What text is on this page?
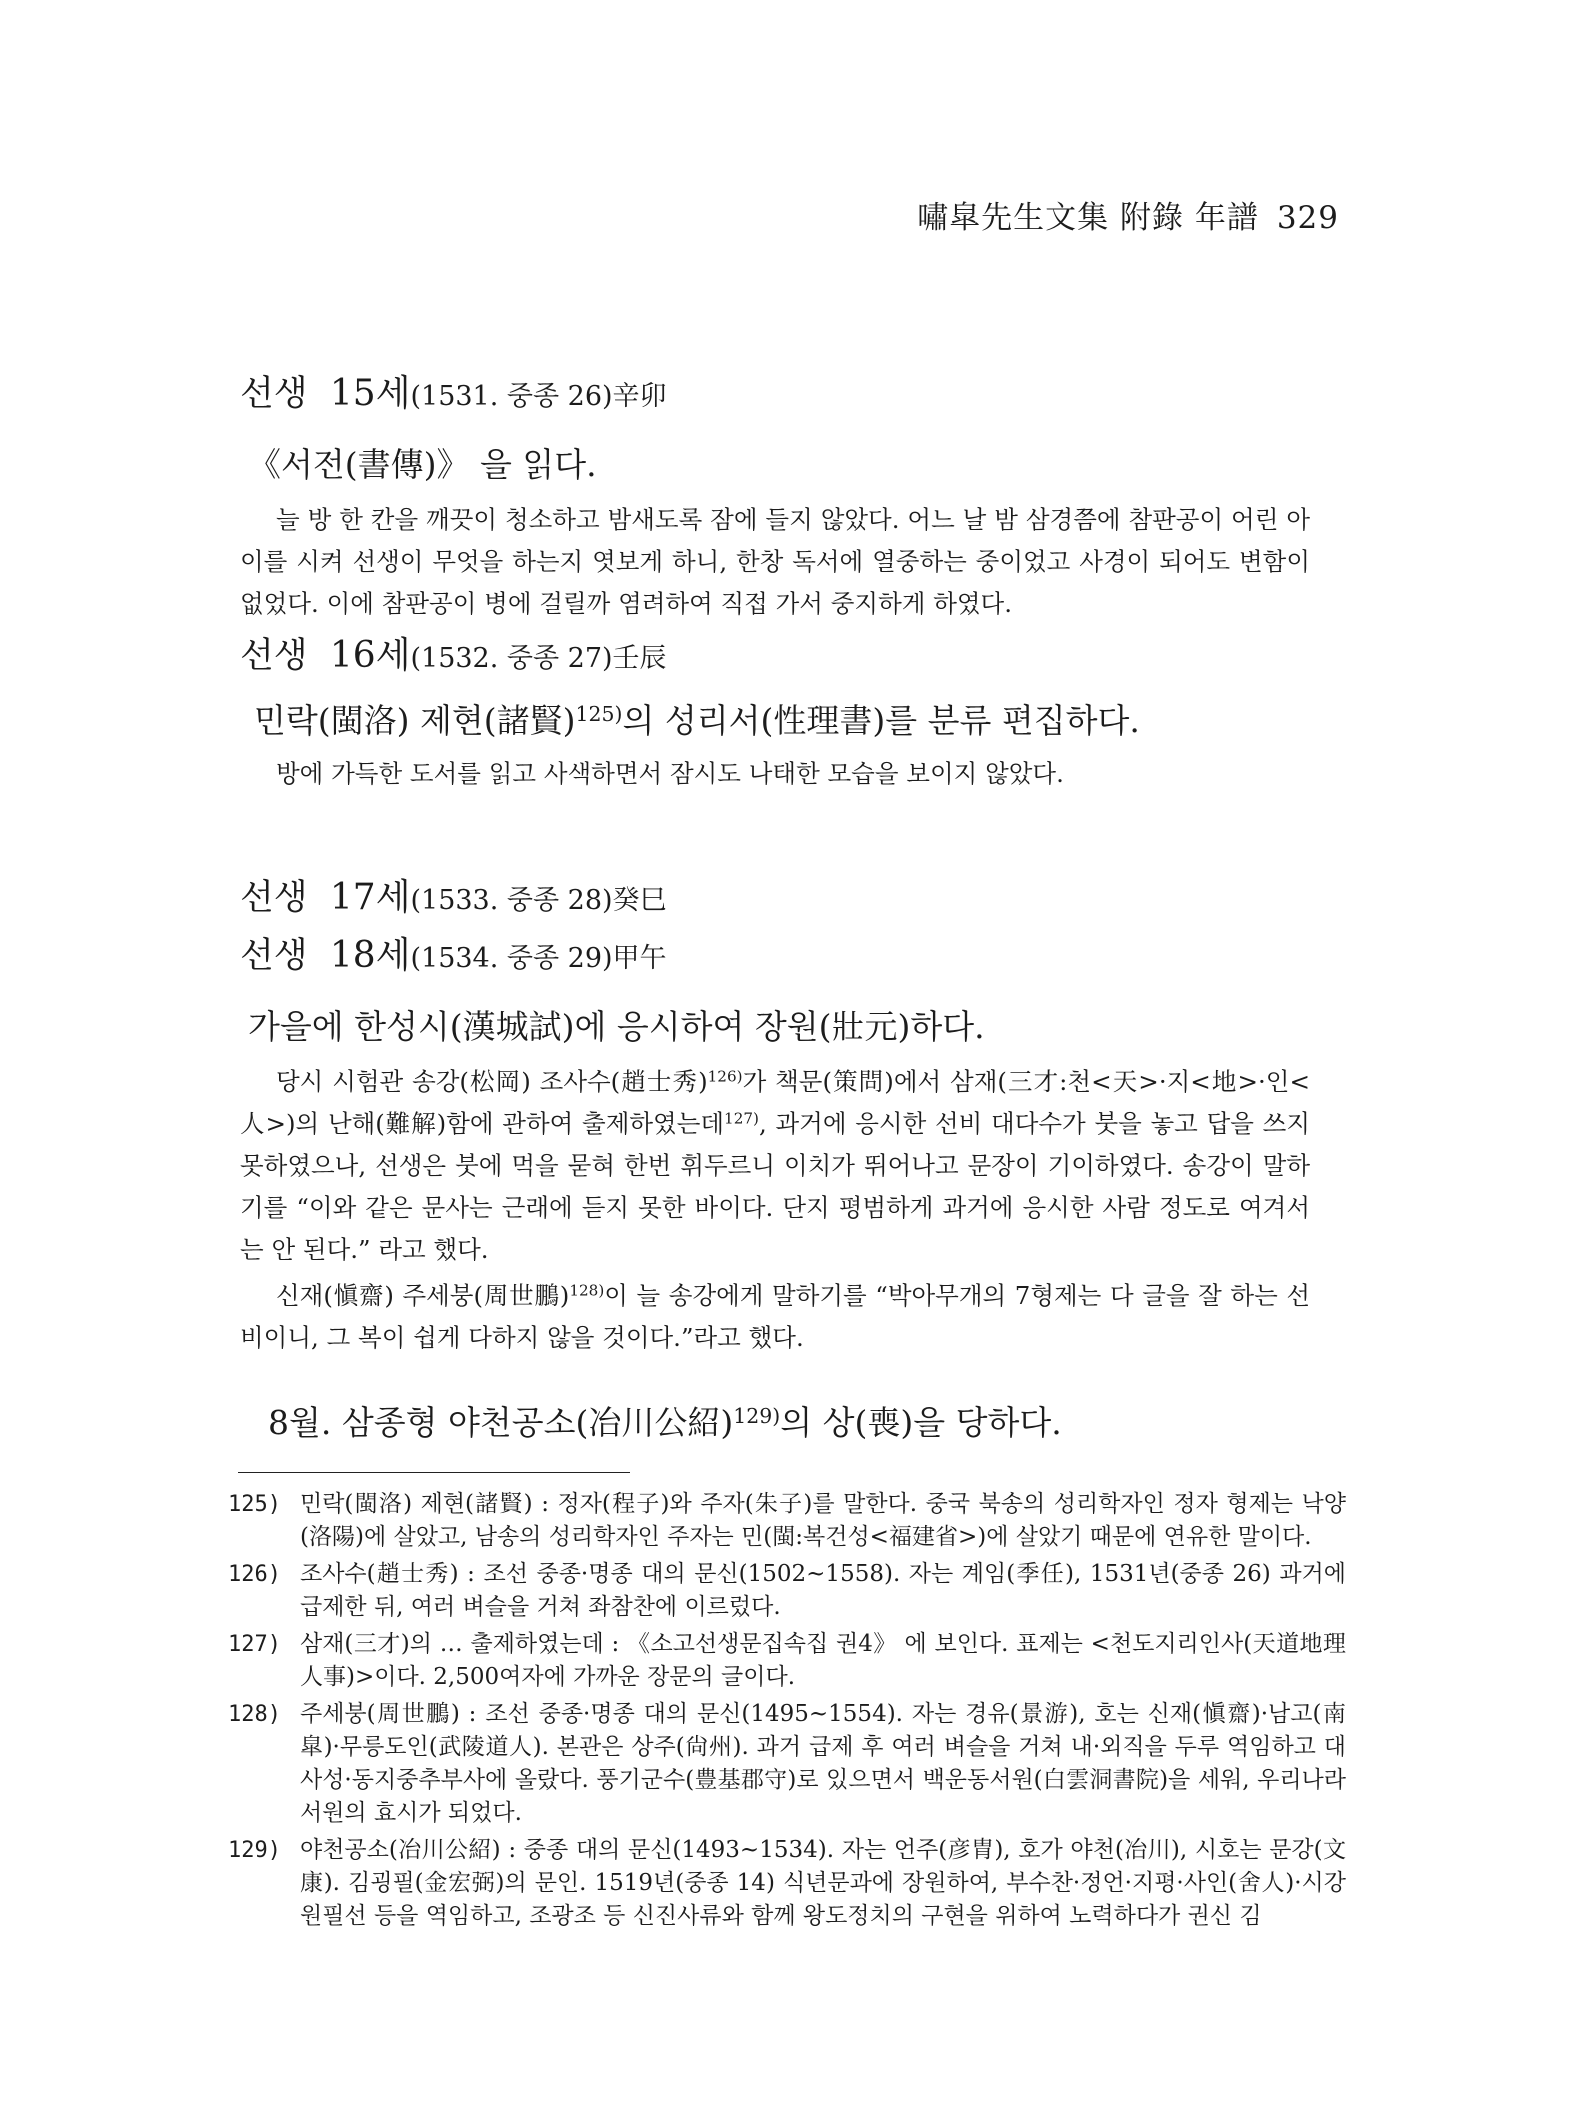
嘯皐先生文集 附錄 年譜 329
선생 15세(1531. 중종 26)辛卯
《서전(書傳)》 을 읽다.

늘 방 한 칸을 깨끗이 청소하고 밤새도록 잠에 들지 않았다. 어느 날 밤 삼경쯤에 참판공이 어린 아이를 시켜 선생이 무엇을 하는지 엿보게 하니, 한창 독서에 열중하는 중이었고 사경이 되어도 변함이 없었다. 이에 참판공이 병에 걸릴까 염려하여 직접 가서 중지하게 하였다.

선생 16세(1532. 중종 27)壬辰
민락(閩洛) 제현(諸賢)$^{125)}$의 성리서(性理書)를 분류 편집하다.

방에 가득한 도서를 읽고 사색하면서 잠시도 나태한 모습을 보이지 않았다.

선생 17세(1533. 중종 28)癸巳
선생 18세(1534. 중종 29)甲午
가을에 한성시(漢城試)에 응시하여 장원(壯元)하다.

당시 시험관 송강(松岡) 조사수(趙士秀)$^{126)}$가 책문(策問)에서 삼재(三才:천<天>·지<地>·인<人>)의 난해(難解)함에 관하여 출제하였는데$^{127)}$, 과거에 응시한 선비 대다수가 붓을 놓고 답을 쓰지 못하였으나, 선생은 붓에 먹을 묻혀 한번 휘두르니 이치가 뛰어나고 문장이 기이하였다. 송강이 말하기를 “이와 같은 문사는 근래에 듣지 못한 바이다. 단지 평범하게 과거에 응시한 사람 정도로 여겨서는 안 된다.” 라고 했다.

신재(愼齋) 주세붕(周世鵬)$^{128)}$이 늘 송강에게 말하기를 “박아무개의 7형제는 다 글을 잘 하는 선비이니, 그 복이 쉽게 다하지 않을 것이다.”라고 했다.

8월. 삼종형 야천공소(冶川公紹)$^{129)}$의 상(喪)을 당하다.
125) 민락(閩洛) 제현(諸賢) : 정자(程子)와 주자(朱子)를 말한다. 중국 북송의 성리학자인 정자 형제는 낙양(洛陽)에 살았고, 남송의 성리학자인 주자는 민(閩:복건성<福建省>)에 살았기 때문에 연유한 말이다.
126) 조사수(趙士秀) : 조선 중종·명종 대의 문신(1502~1558). 자는 계임(季任), 1531년(중종 26) 과거에 급제한 뒤, 여러 벼슬을 거쳐 좌참찬에 이르렀다.
127) 삼재(三才)의 … 출제하였는데 : 《소고선생문집속집 권4》 에 보인다. 표제는 <천도지리인사(天道地理人事)>이다. 2,500여자에 가까운 장문의 글이다.
128) 주세붕(周世鵬) : 조선 중종·명종 대의 문신(1495~1554). 자는 경유(景游), 호는 신재(愼齋)·남고(南皐)·무릉도인(武陵道人). 본관은 상주(尙州). 과거 급제 후 여러 벼슬을 거쳐 내·외직을 두루 역임하고 대사성·동지중추부사에 올랐다. 풍기군수(豊基郡守)로 있으면서 백운동서원(白雲洞書院)을 세워, 우리나라 서원의 효시가 되었다.
129) 야천공소(冶川公紹) : 중종 대의 문신(1493~1534). 자는 언주(彦胄), 호가 야천(冶川), 시호는 문강(文康). 김굉필(金宏弼)의 문인. 1519년(중종 14) 식년문과에 장원하여, 부수찬·정언·지평·사인(舍人)·시강원필선 등을 역임하고, 조광조 등 신진사류와 함께 왕도정치의 구현을 위하여 노력하다가 권신 김
